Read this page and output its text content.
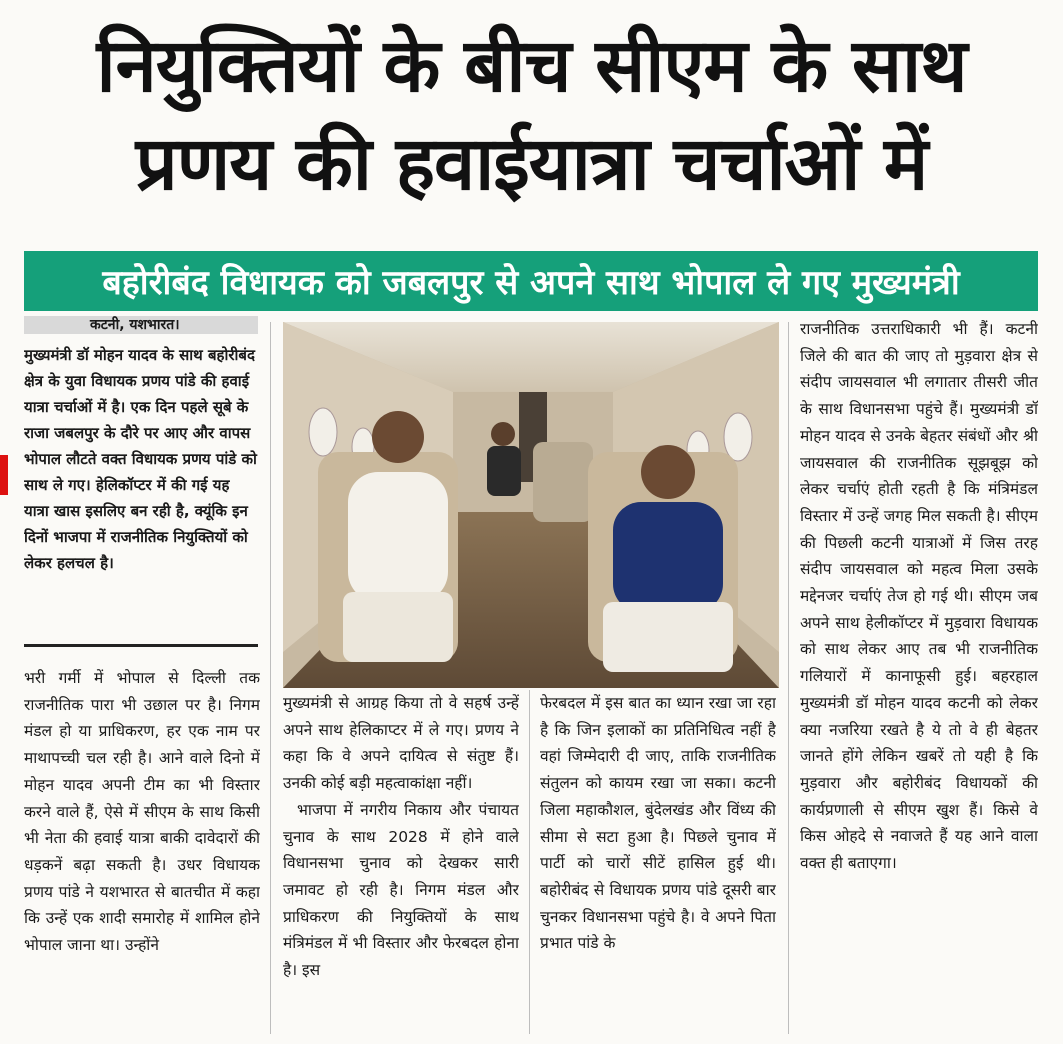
नियुक्तियों के बीच सीएम के साथ
प्रणय की हवाईयात्रा चर्चाओं में
बहोरीबंद विधायक को जबलपुर से अपने साथ भोपाल ले गए मुख्यमंत्री
कटनी, यशभारत।
मुख्यमंत्री डॉ मोहन यादव के साथ बहोरीबंद क्षेत्र के युवा विधायक प्रणय पांडे की हवाई यात्रा चर्चाओं में है। एक दिन पहले सूबे के राजा जबलपुर के दौरे पर आए और वापस भोपाल लौटते वक्त विधायक प्रणय पांडे को साथ ले गए। हेलिकॉप्टर में की गई यह यात्रा खास इसलिए बन रही है, क्यूंकि इन दिनों भाजपा में राजनीतिक नियुक्तियों को लेकर हलचल है।

भरी गर्मी में भोपाल से दिल्ली तक राजनीतिक पारा भी उछाल पर है। निगम मंडल हो या प्राधिकरण, हर एक नाम पर माथापच्ची चल रही है। आने वाले दिनो में मोहन यादव अपनी टीम का भी विस्तार करने वाले हैं, ऐसे में सीएम के साथ किसी भी नेता की हवाई यात्रा बाकी दावेदारों की धड़कनें बढ़ा सकती है। उधर विधायक प्रणय पांडे ने यशभारत से बातचीत में कहा कि उन्हें एक शादी समारोह में शामिल होने भोपाल जाना था। उन्होंने

मुख्यमंत्री से आग्रह किया तो वे सहर्ष उन्हें अपने साथ हेलिकाप्टर में ले गए। प्रणय ने कहा कि वे अपने दायित्व से संतुष्ट हैं। उनकी कोई बड़ी महत्वाकांक्षा नहीं।

भाजपा में नगरीय निकाय और पंचायत चुनाव के साथ 2028 में होने वाले विधानसभा चुनाव को देखकर सारी जमावट हो रही है। निगम मंडल और प्राधिकरण की नियुक्तियों के साथ मंत्रिमंडल में भी विस्तार और फेरबदल होना है। इस

फेरबदल में इस बात का ध्यान रखा जा रहा है कि जिन इलाकों का प्रतिनिधित्व नहीं है वहां जिम्मेदारी दी जाए, ताकि राजनीतिक संतुलन को कायम रखा जा सका। कटनी जिला महाकौशल, बुंदेलखंड और विंध्य की सीमा से सटा हुआ है। पिछले चुनाव में पार्टी को चारों सीटें हासिल हुई थी। बहोरीबंद से विधायक प्रणय पांडे दूसरी बार चुनकर विधानसभा पहुंचे है। वे अपने पिता प्रभात पांडे के

राजनीतिक उत्तराधिकारी भी हैं। कटनी जिले की बात की जाए तो मुड़वारा क्षेत्र से संदीप जायसवाल भी लगातार तीसरी जीत के साथ विधानसभा पहुंचे हैं। मुख्यमंत्री डॉ मोहन यादव से उनके बेहतर संबंधों और श्री जायसवाल की राजनीतिक सूझबूझ को लेकर चर्चाएं होती रहती है कि मंत्रिमंडल विस्तार में उन्हें जगह मिल सकती है। सीएम की पिछली कटनी यात्राओं में जिस तरह संदीप जायसवाल को महत्व मिला उसके मद्देनजर चर्चाएं तेज हो गई थी। सीएम जब अपने साथ हेलीकॉप्टर में मुड़वारा विधायक को साथ लेकर आए तब भी राजनीतिक गलियारों में कानाफूसी हुई। बहरहाल मुख्यमंत्री डॉ मोहन यादव कटनी को लेकर क्या नजरिया रखते है ये तो वे ही बेहतर जानते होंगे लेकिन खबरें तो यही है कि मुड़वारा और बहोरीबंद विधायकों की कार्यप्रणाली से सीएम खुश हैं। किसे वे किस ओहदे से नवाजते हैं यह आने वाला वक्त ही बताएगा।
